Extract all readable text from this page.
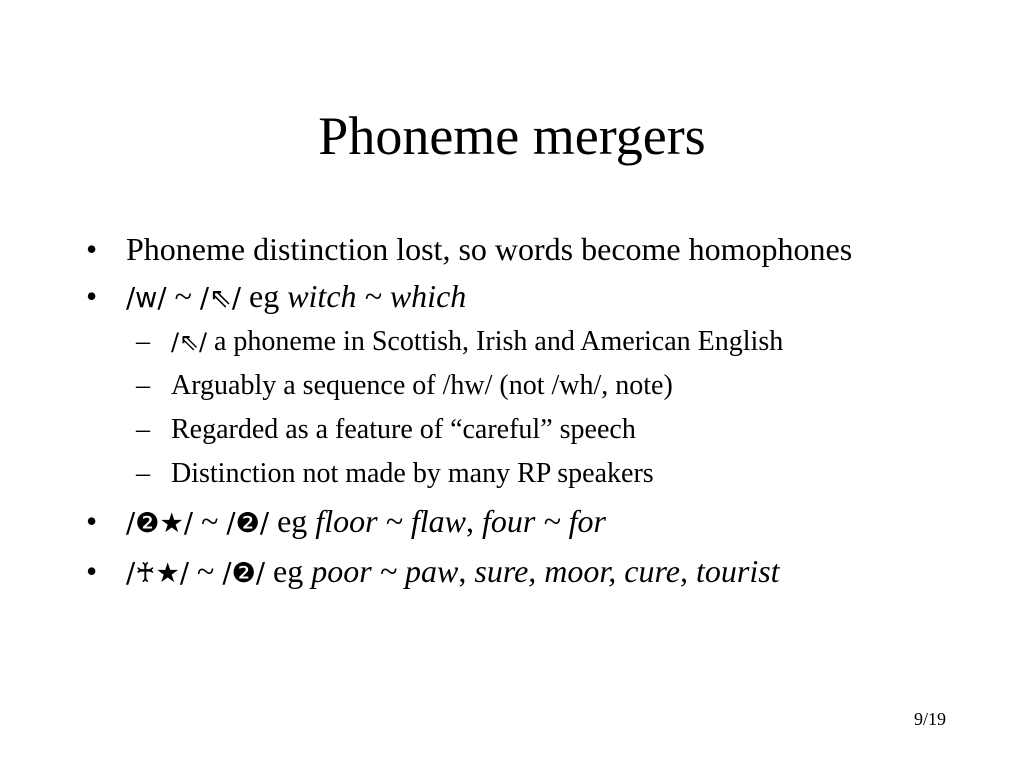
Phoneme mergers
• Phoneme distinction lost, so words become homophones
• /w/ ~ /⇖/ eg witch ~ which
– /⇖/ a phoneme in Scottish, Irish and American English
– Arguably a sequence of /hw/ (not /wh/, note)
– Regarded as a feature of “careful” speech
– Distinction not made by many RP speakers
• /❷★/ ~ /❷/ eg floor ~ flaw, four ~ for
• /♰★/ ~ /❷/ eg poor ~ paw, sure, moor, cure, tourist
9/19
